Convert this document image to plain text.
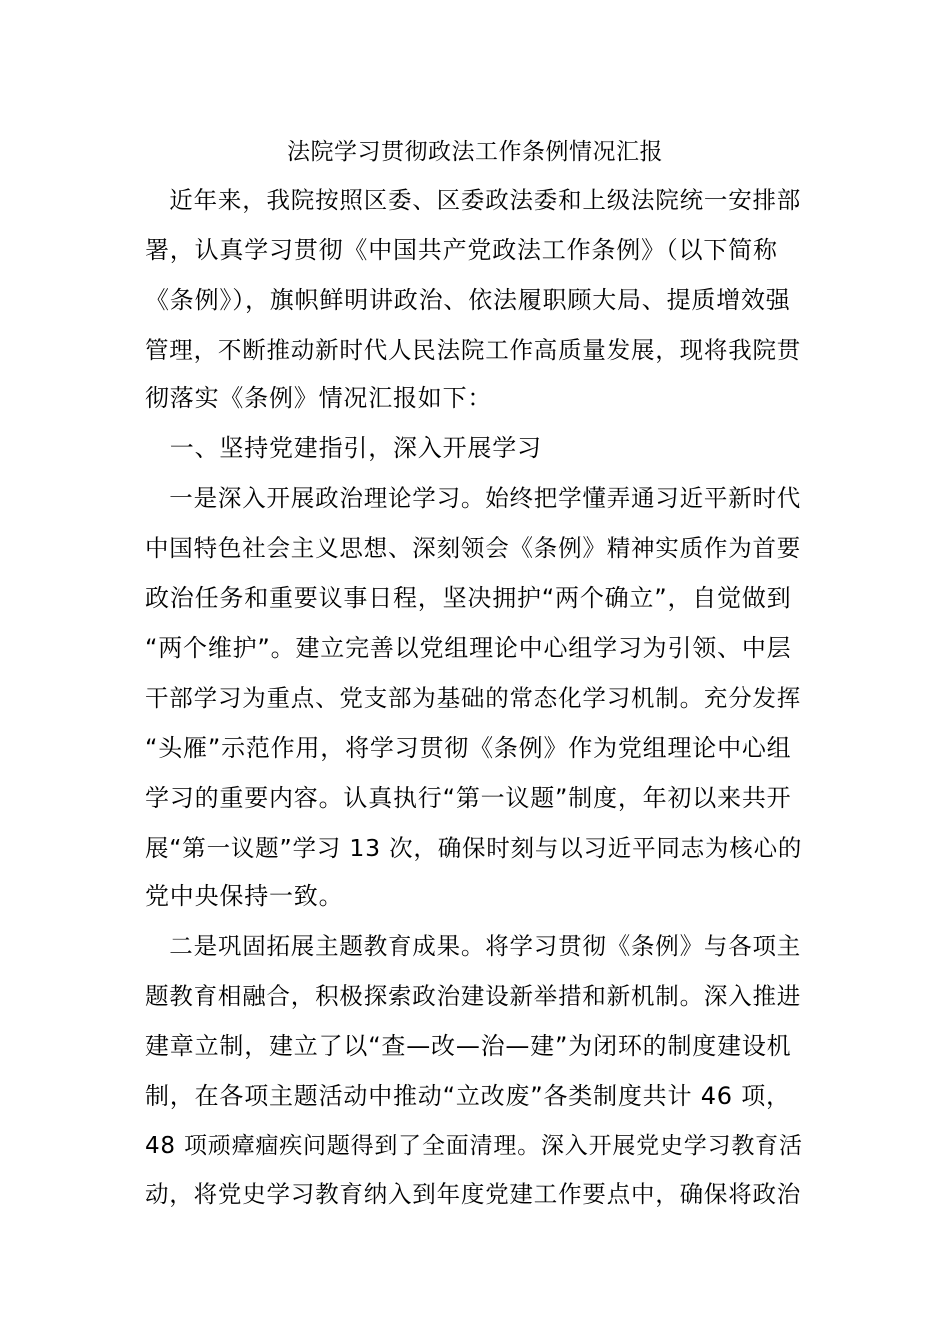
法院学习贯彻政法工作条例情况汇报
　近年来，我院按照区委、区委政法委和上级法院统一安排部
署，认真学习贯彻《中国共产党政法工作条例》（以下简称
《条例》），旗帜鲜明讲政治、依法履职顾大局、提质增效强
管理，不断推动新时代人民法院工作高质量发展，现将我院贯
彻落实《条例》情况汇报如下：
　一、坚持党建指引，深入开展学习
　一是深入开展政治理论学习。始终把学懂弄通习近平新时代
中国特色社会主义思想、深刻领会《条例》精神实质作为首要
政治任务和重要议事日程，坚决拥护“两个确立”，自觉做到
“两个维护”。建立完善以党组理论中心组学习为引领、中层
干部学习为重点、党支部为基础的常态化学习机制。充分发挥
“头雁”示范作用，将学习贯彻《条例》作为党组理论中心组
学习的重要内容。认真执行“第一议题”制度，年初以来共开
展“第一议题”学习 13 次，确保时刻与以习近平同志为核心的
党中央保持一致。
　二是巩固拓展主题教育成果。将学习贯彻《条例》与各项主
题教育相融合，积极探索政治建设新举措和新机制。深入推进
建章立制，建立了以“查—改—治—建”为闭环的制度建设机
制，在各项主题活动中推动“立改废”各类制度共计 46 项，
48 项顽瘴痼疾问题得到了全面清理。深入开展党史学习教育活
动，将党史学习教育纳入到年度党建工作要点中，确保将政治
